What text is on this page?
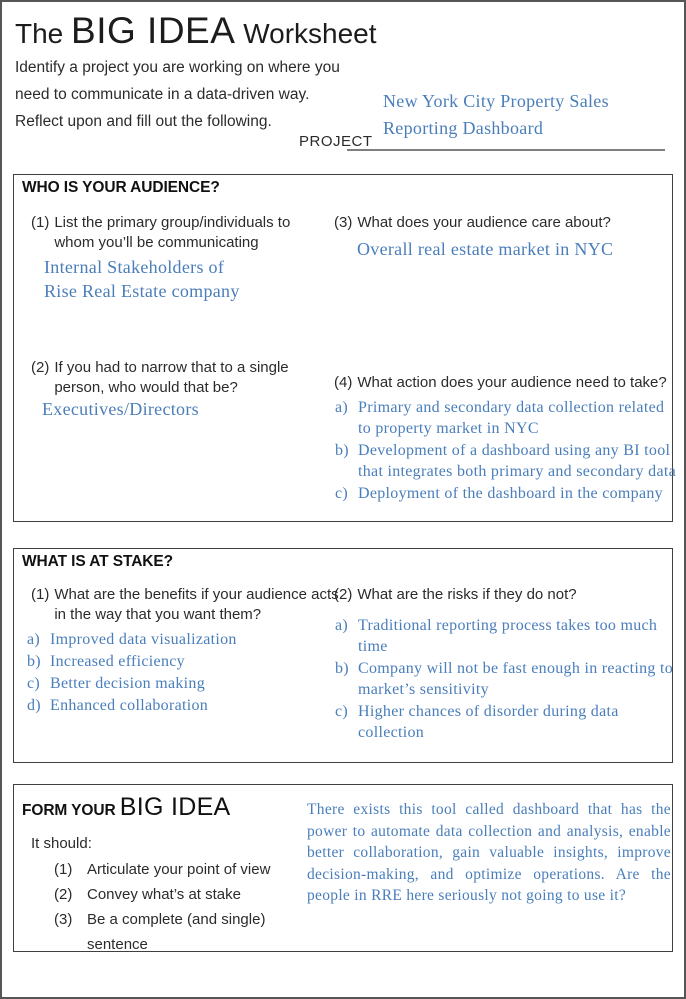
The BIG IDEA Worksheet
Identify a project you are working on where you need to communicate in a data-driven way. Reflect upon and fill out the following.
PROJECT
New York City Property Sales
Reporting Dashboard
WHO IS YOUR AUDIENCE?
(1) List the primary group/individuals to whom you’ll be communicating
Internal Stakeholders of
Rise Real Estate company
(3) What does your audience care about?
Overall real estate market in NYC
(2) If you had to narrow that to a single person, who would that be?
Executives/Directors
(4) What action does your audience need to take?
a) Primary and secondary data collection related to property market in NYC
b) Development of a dashboard using any BI tool that integrates both primary and secondary data
c) Deployment of the dashboard in the company
WHAT IS AT STAKE?
(1) What are the benefits if your audience acts in the way that you want them?
a) Improved data visualization
b) Increased efficiency
c) Better decision making
d) Enhanced collaboration
(2) What are the risks if they do not?
a) Traditional reporting process takes too much time
b) Company will not be fast enough in reacting to market’s sensitivity
c) Higher chances of disorder during data collection
FORM YOUR BIG IDEA
It should:
(1) Articulate your point of view
(2) Convey what’s at stake
(3) Be a complete (and single) sentence
There exists this tool called dashboard that has the power to automate data collection and analysis, enable better collaboration, gain valuable insights, improve decision-making, and optimize operations. Are the people in RRE here seriously not going to use it?
